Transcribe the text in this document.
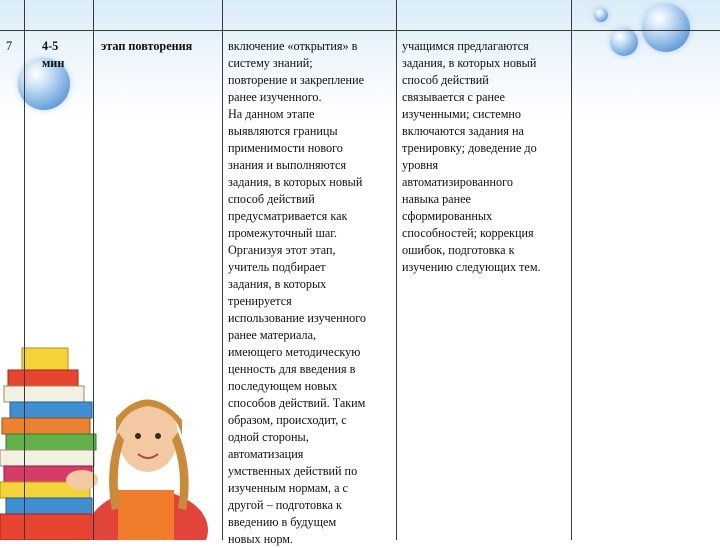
7	4-5
мин
этап повторения	включение «открытия» в
систему знаний;
повторение и закрепление
ранее изученного.
На данном этапе
выявляются границы
применимости нового
знания и выполняются
задания, в которых новый
способ действий
предусматривается как
промежуточный шаг.
Организуя этот этап,
учитель подбирает
задания, в которых
тренируется
использование изученного
ранее материала,
имеющего методическую
ценность для введения в
последующем новых
способов действий. Таким
образом, происходит, с
одной стороны,
автоматизация
умственных действий по
изученным нормам, а с
другой – подготовка к
введению в будущем
новых норм.
учащимся предлагаются
задания, в которых новый
способ действий
связывается с ранее
изученными; системно
включаются задания на
тренировку; доведение до
уровня
автоматизированного
навыка ранее
сформированных
способностей; коррекция
ошибок, подготовка к
изучению следующих тем.
